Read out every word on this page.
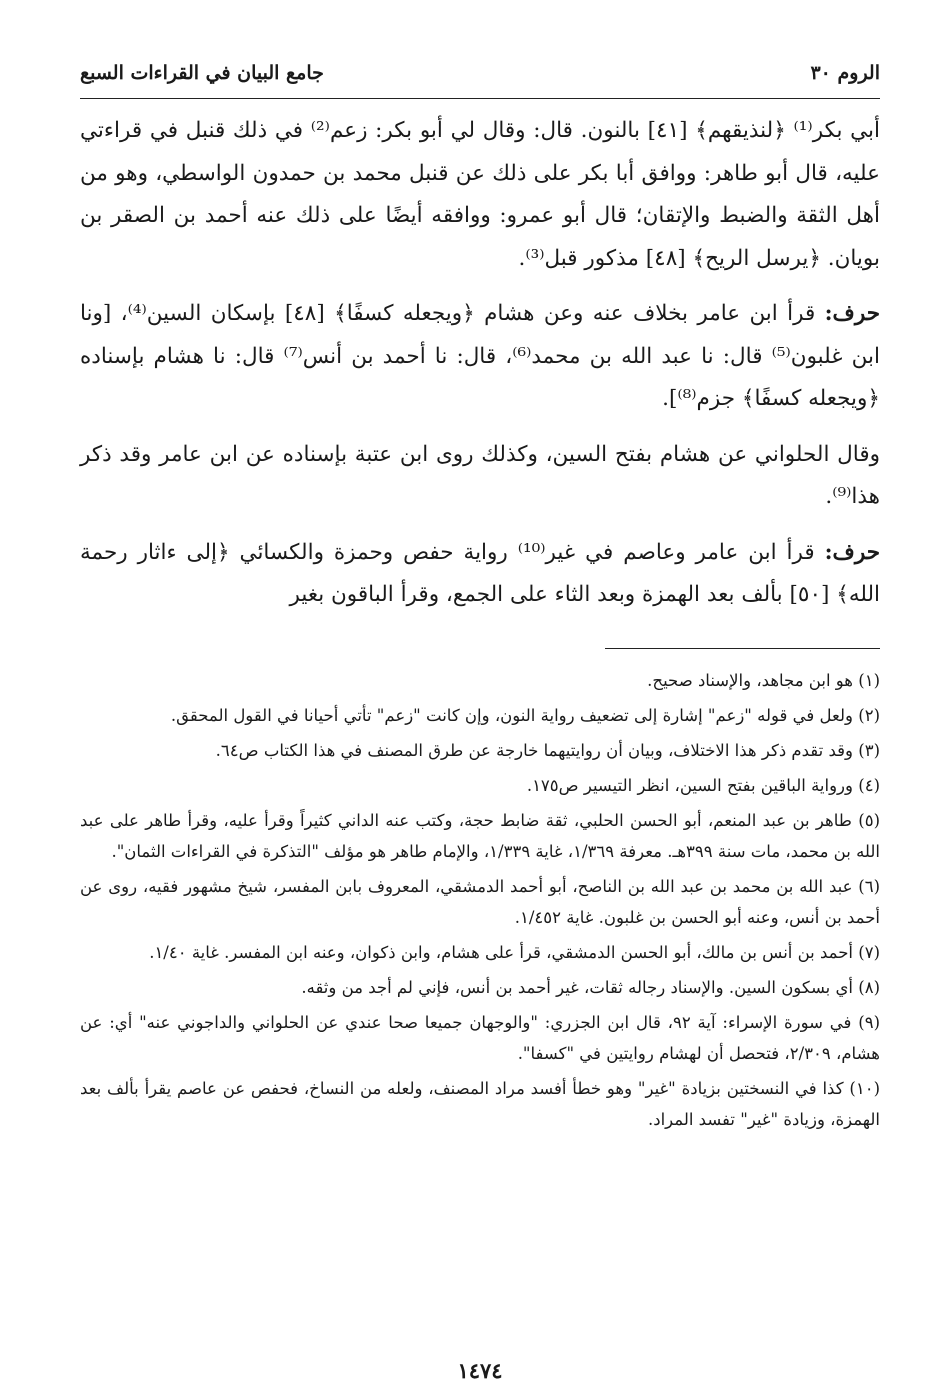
الروم ٣٠
جامع البيان في القراءات السبع

أبي بكر⁽¹⁾ ﴿لنذيقهم﴾ [٤١] بالنون. قال: وقال لي أبو بكر: زعم⁽²⁾ في ذلك قنبل في قراءتي عليه، قال أبو طاهر: ووافق أبا بكر على ذلك عن قنبل محمد بن حمدون الواسطي، وهو من أهل الثقة والضبط والإتقان؛ قال أبو عمرو: ووافقه أيضًا على ذلك عنه أحمد بن الصقر بن بويان. ﴿يرسل الريح﴾ [٤٨] مذكور قبل⁽³⁾.

حرف: قرأ ابن عامر بخلاف عنه وعن هشام ﴿ويجعله كسفًا﴾ [٤٨] بإسكان السين⁽⁴⁾، [ونا ابن غلبون⁽⁵⁾ قال: نا عبد الله بن محمد⁽⁶⁾، قال: نا أحمد بن أنس⁽⁷⁾ قال: نا هشام بإسناده ﴿ويجعله كسفًا﴾ جزم⁽⁸⁾].

وقال الحلواني عن هشام بفتح السين، وكذلك روى ابن عتبة بإسناده عن ابن عامر وقد ذكر هذا⁽⁹⁾.

حرف: قرأ ابن عامر وعاصم في غير⁽¹⁰⁾ رواية حفص وحمزة والكسائي ﴿إلى ءاثار رحمة الله﴾ [٥٠] بألف بعد الهمزة وبعد الثاء على الجمع، وقرأ الباقون بغير

(١) هو ابن مجاهد، والإسناد صحيح.

(٢) ولعل في قوله "زعم" إشارة إلى تضعيف رواية النون، وإن كانت "زعم" تأتي أحيانا في القول المحقق.

(٣) وقد تقدم ذكر هذا الاختلاف، وبيان أن روايتيهما خارجة عن طرق المصنف في هذا الكتاب ص٦٤.

(٤) ورواية الباقين بفتح السين، انظر التيسير ص١٧٥.

(٥) طاهر بن عبد المنعم، أبو الحسن الحلبي، ثقة ضابط حجة، وكتب عنه الداني كثيراً وقرأ عليه، وقرأ طاهر على عبد الله بن محمد، مات سنة ٣٩٩هـ. معرفة ١/٣٦٩، غاية ١/٣٣٩، والإمام طاهر هو مؤلف "التذكرة في القراءات الثمان".

(٦) عبد الله بن محمد بن عبد الله بن الناصح، أبو أحمد الدمشقي، المعروف بابن المفسر، شيخ مشهور فقيه، روى عن أحمد بن أنس، وعنه أبو الحسن بن غلبون. غاية ١/٤٥٢.

(٧) أحمد بن أنس بن مالك، أبو الحسن الدمشقي، قرأ على هشام، وابن ذكوان، وعنه ابن المفسر. غاية ١/٤٠.

(٨) أي بسكون السين. والإسناد رجاله ثقات، غير أحمد بن أنس، فإني لم أجد من وثقه.

(٩) في سورة الإسراء: آية ٩٢، قال ابن الجزري: "والوجهان جميعا صحا عندي عن الحلواني والداجوني عنه" أي: عن هشام، ٢/٣٠٩، فتحصل أن لهشام روايتين في "كسفا".

(١٠) كذا في النسختين بزيادة "غير" وهو خطأ أفسد مراد المصنف، ولعله من النساخ، فحفص عن عاصم يقرأ بألف بعد الهمزة، وزيادة "غير" تفسد المراد.

١٤٧٤
